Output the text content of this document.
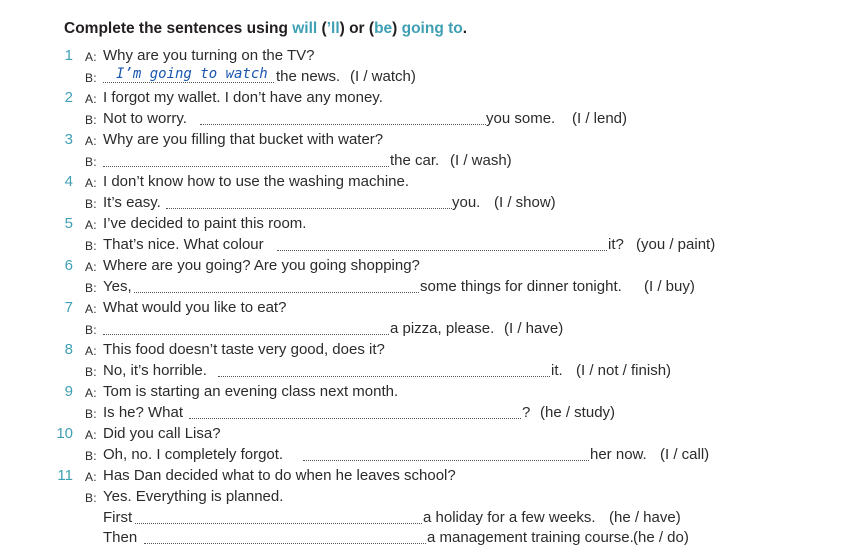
Complete the sentences using will (’ll) or (be) going to.
1 A: Why are you turning on the TV?
B: I’m going to watch the news. (I / watch)
2 A: I forgot my wallet. I don’t have any money.
B: Not to worry.	you some. (I / lend)
3 A: Why are you filling that bucket with water?
B:	the car. (I / wash)
4 A: I don’t know how to use the washing machine.
B: It’s easy.	you. (I / show)
5 A: I’ve decided to paint this room.
B: That’s nice. What colour	it? (you / paint)
6 A: Where are you going? Are you going shopping?
B: Yes,	some things for dinner tonight. (I / buy)
7 A: What would you like to eat?
B:	a pizza, please. (I / have)
8 A: This food doesn’t taste very good, does it?
B: No, it’s horrible.	it. (I / not / finish)
9 A: Tom is starting an evening class next month.
B: Is he? What	? (he / study)
10 A: Did you call Lisa?
B: Oh, no. I completely forgot.	her now. (I / call)
11 A: Has Dan decided what to do when he leaves school?
B: Yes. Everything is planned.
First	a holiday for a few weeks. (he / have)
Then	a management training course. (he / do)
